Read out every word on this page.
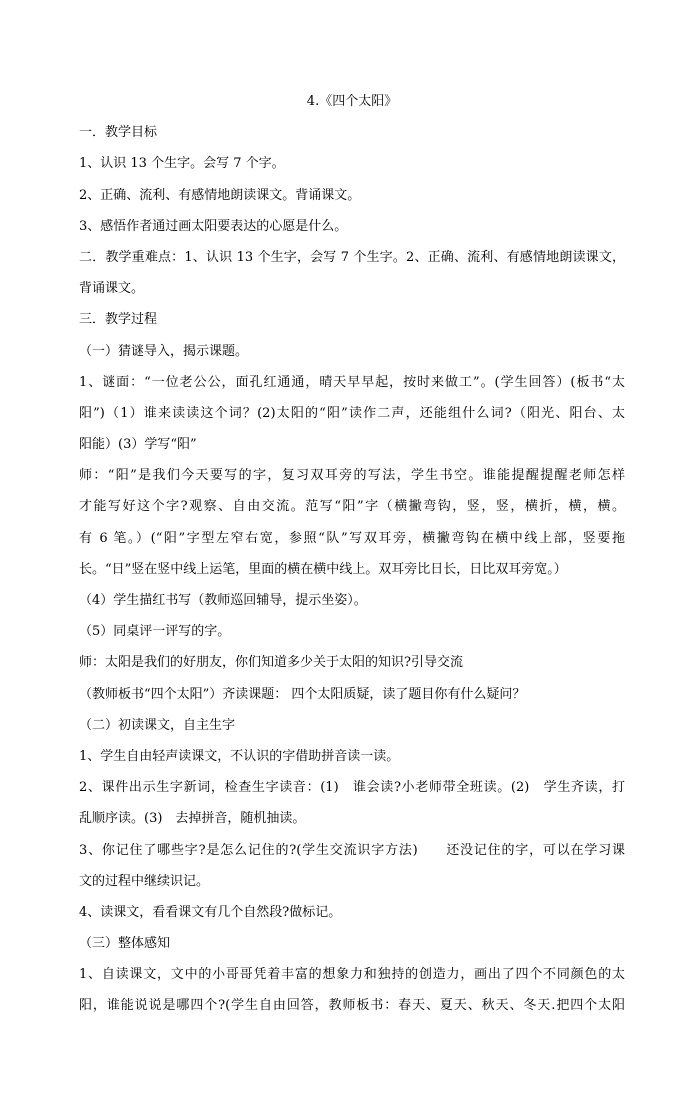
4.《四个太阳》
一．教学目标
1、认识 13 个生字。会写 7 个字。
2、正确、流利、有感情地朗读课文。背诵课文。
3、感悟作者通过画太阳要表达的心愿是什么。
二．教学重难点：1、认识 13 个生字，会写 7 个生字。2、正确、流利、有感情地朗读课文，
背诵课文。
三．教学过程
（一）猜谜导入，揭示课题。
1、谜面：“一位老公公，面孔红通通，晴天早早起，按时来做工”。(学生回答）(板书“太
阳”)（1）谁来读读这个词？(2)太阳的“阳”读作二声，还能组什么词?（阳光、阳台、太
阳能）(3）学写“阳”
师：“阳”是我们今天要写的字，复习双耳旁的写法，学生书空。谁能提醒提醒老师怎样
才能写好这个字?观察、自由交流。范写“阳”字（横撇弯钩，竖，竖，横折，横，横。
有 6 笔。）(“阳”字型左窄右宽，参照“队”写双耳旁，横撇弯钩在横中线上部，竖要拖
长。“日”竖在竖中线上运笔，里面的横在横中线上。双耳旁比日长，日比双耳旁宽。）
（4）学生描红书写（教师巡回辅导，提示坐姿）。
（5）同桌评一评写的字。
师：太阳是我们的好朋友，你们知道多少关于太阳的知识?引导交流
（教师板书“四个太阳”）齐读课题： 四个太阳质疑，读了题目你有什么疑问？
（二）初读课文，自主生字
1、学生自由轻声读课文，不认识的字借助拼音读一读。
2、课件出示生字新词，检查生字读音：(1)　谁会读?小老师带全班读。(2)　学生齐读，打
乱顺序读。(3)　去掉拼音，随机抽读。
3、你记住了哪些字?是怎么记住的?(学生交流识字方法)　　还没记住的字，可以在学习课
文的过程中继续识记。
4、读课文，看看课文有几个自然段?做标记。
（三）整体感知
1、自读课文，文中的小哥哥凭着丰富的想象力和独持的创造力，画出了四个不同颜色的太
阳，谁能说说是哪四个?(学生自由回答，教师板书：春天、夏天、秋天、冬天.把四个太阳
